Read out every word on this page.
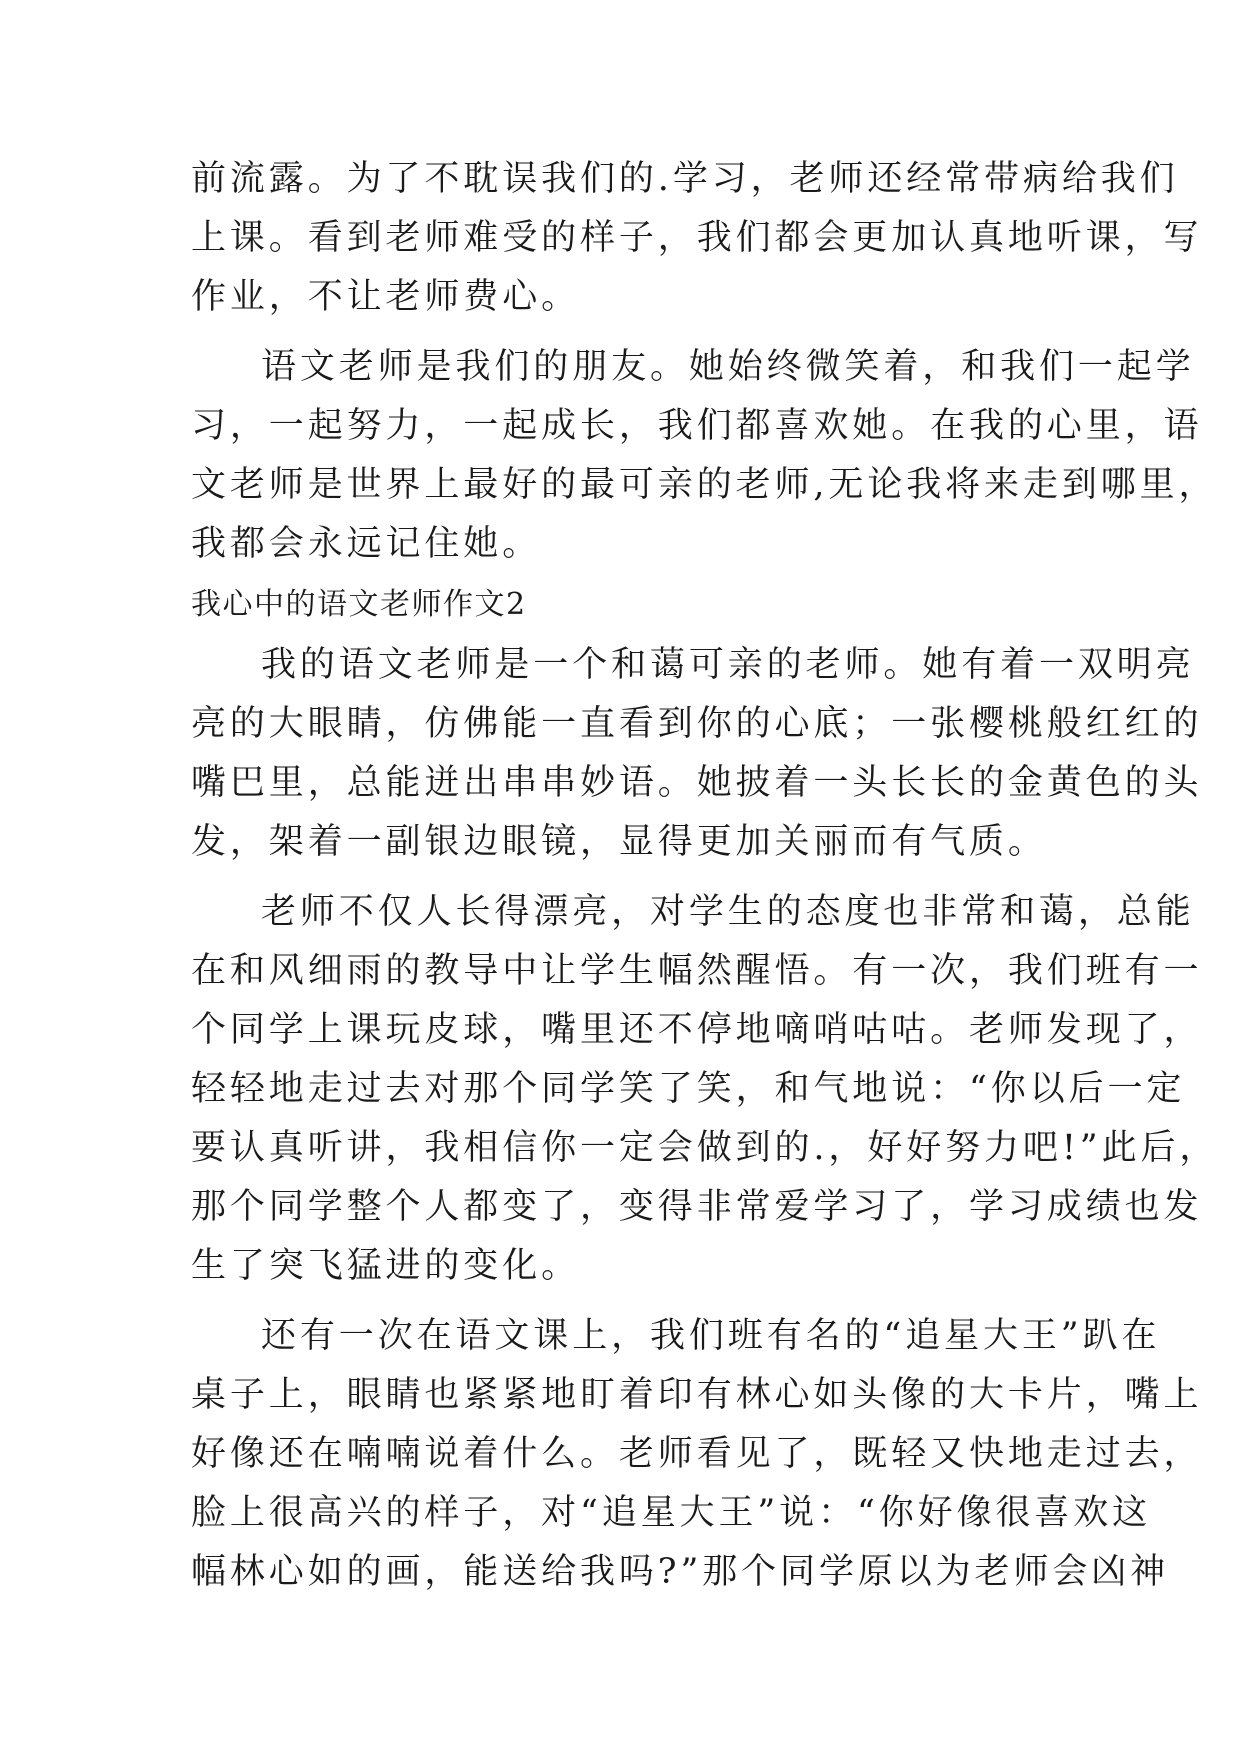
前流露。为了不耽误我们的.学习，老师还经常带病给我们
上课。看到老师难受的样子，我们都会更加认真地听课，写
作业，不让老师费心。
语文老师是我们的朋友。她始终微笑着，和我们一起学
习，一起努力，一起成长，我们都喜欢她。在我的心里，语
文老师是世界上最好的最可亲的老师,无论我将来走到哪里，
我都会永远记住她。
我心中的语文老师作文2
我的语文老师是一个和蔼可亲的老师。她有着一双明亮
亮的大眼睛，仿佛能一直看到你的心底；一张樱桃般红红的
嘴巴里，总能迸出串串妙语。她披着一头长长的金黄色的头
发，架着一副银边眼镜，显得更加关丽而有气质。
老师不仅人长得漂亮，对学生的态度也非常和蔼，总能
在和风细雨的教导中让学生幅然醒悟。有一次，我们班有一
个同学上课玩皮球，嘴里还不停地嘀哨咕咕。老师发现了，
轻轻地走过去对那个同学笑了笑，和气地说：“你以后一定
要认真听讲，我相信你一定会做到的.，好好努力吧!”此后，
那个同学整个人都变了，变得非常爱学习了，学习成绩也发
生了突飞猛进的变化。
还有一次在语文课上，我们班有名的“追星大王”趴在
桌子上，眼睛也紧紧地盯着印有林心如头像的大卡片，嘴上
好像还在喃喃说着什么。老师看见了，既轻又快地走过去，
脸上很高兴的样子，对“追星大王”说：“你好像很喜欢这
幅林心如的画，能送给我吗?”那个同学原以为老师会凶神
